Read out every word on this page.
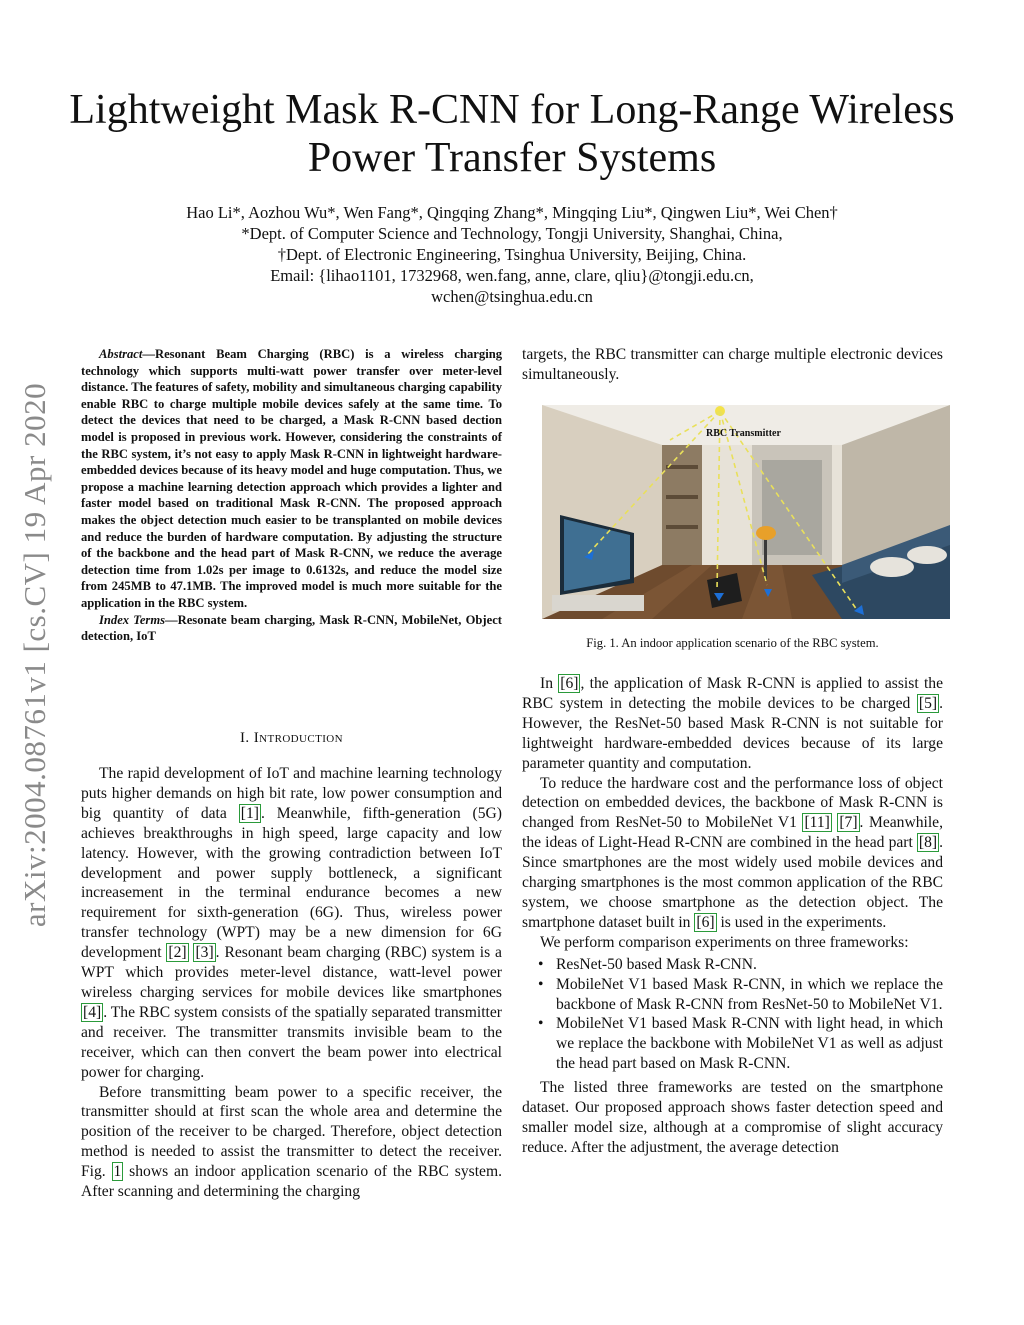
arXiv:2004.08761v1 [cs.CV] 19 Apr 2020
Lightweight Mask R-CNN for Long-Range Wireless
Power Transfer Systems
Hao Li*, Aozhou Wu*, Wen Fang*, Qingqing Zhang*, Mingqing Liu*, Qingwen Liu*, Wei Chen†
*Dept. of Computer Science and Technology, Tongji University, Shanghai, China,
†Dept. of Electronic Engineering, Tsinghua University, Beijing, China.
Email: {lihao1101, 1732968, wen.fang, anne, clare, qliu}@tongji.edu.cn,
wchen@tsinghua.edu.cn

Abstract—Resonant Beam Charging (RBC) is a wireless charging technology which supports multi-watt power transfer over meter-level distance. The features of safety, mobility and simultaneous charging capability enable RBC to charge multiple mobile devices safely at the same time. To detect the devices that need to be charged, a Mask R-CNN based dection model is proposed in previous work. However, considering the constraints of the RBC system, it’s not easy to apply Mask R-CNN in lightweight hardware-embedded devices because of its heavy model and huge computation. Thus, we propose a machine learning detection approach which provides a lighter and faster model based on traditional Mask R-CNN. The proposed approach makes the object detection much easier to be transplanted on mobile devices and reduce the burden of hardware computation. By adjusting the structure of the backbone and the head part of Mask R-CNN, we reduce the average detection time from 1.02s per image to 0.6132s, and reduce the model size from 245MB to 47.1MB. The improved model is much more suitable for the application in the RBC system.

Index Terms—Resonate beam charging, Mask R-CNN, MobileNet, Object detection, IoT

I. Introduction

The rapid development of IoT and machine learning technology puts higher demands on high bit rate, low power consumption and big quantity of data [1] . Meanwhile, fifth-generation (5G) achieves breakthroughs in high speed, large capacity and low latency. However, with the growing contradiction between IoT development and power supply bottleneck, a significant increasement in the terminal endurance becomes a new requirement for sixth-generation (6G). Thus, wireless power transfer technology (WPT) may be a new dimension for 6G development [2] [3] . Resonant beam charging (RBC) system is a WPT which provides meter-level distance, watt-level power wireless charging services for mobile devices like smartphones [4] . The RBC system consists of the spatially separated transmitter and receiver. The transmitter transmits invisible beam to the receiver, which can then convert the beam power into electrical power for charging.

Before transmitting beam power to a specific receiver, the transmitter should at first scan the whole area and determine the position of the receiver to be charged. Therefore, object detection method is needed to assist the transmitter to detect the receiver. Fig. 1 shows an indoor application scenario of the RBC system. After scanning and determining the charging

targets, the RBC transmitter can charge multiple electronic devices simultaneously.

RBC Transmitter
Fig. 1. An indoor application scenario of the RBC system.

In [6] , the application of Mask R-CNN is applied to assist the RBC system in detecting the mobile devices to be charged [5] . However, the ResNet-50 based Mask R-CNN is not suitable for lightweight hardware-embedded devices because of its large parameter quantity and computation.

To reduce the hardware cost and the performance loss of object detection on embedded devices, the backbone of Mask R-CNN is changed from ResNet-50 to MobileNet V1 [11] [7] . Meanwhile, the ideas of Light-Head R-CNN are combined in the head part [8] . Since smartphones are the most widely used mobile devices and charging smartphones is the most common application of the RBC system, we choose smartphone as the detection object. The smartphone dataset built in [6] is used in the experiments.

We perform comparison experiments on three frameworks:

• ResNet-50 based Mask R-CNN.
• MobileNet V1 based Mask R-CNN, in which we replace the backbone of Mask R-CNN from ResNet-50 to MobileNet V1.
• MobileNet V1 based Mask R-CNN with light head, in which we replace the backbone with MobileNet V1 as well as adjust the head part based on Mask R-CNN.

The listed three frameworks are tested on the smartphone dataset. Our proposed approach shows faster detection speed and smaller model size, although at a compromise of slight accuracy reduce. After the adjustment, the average detection
